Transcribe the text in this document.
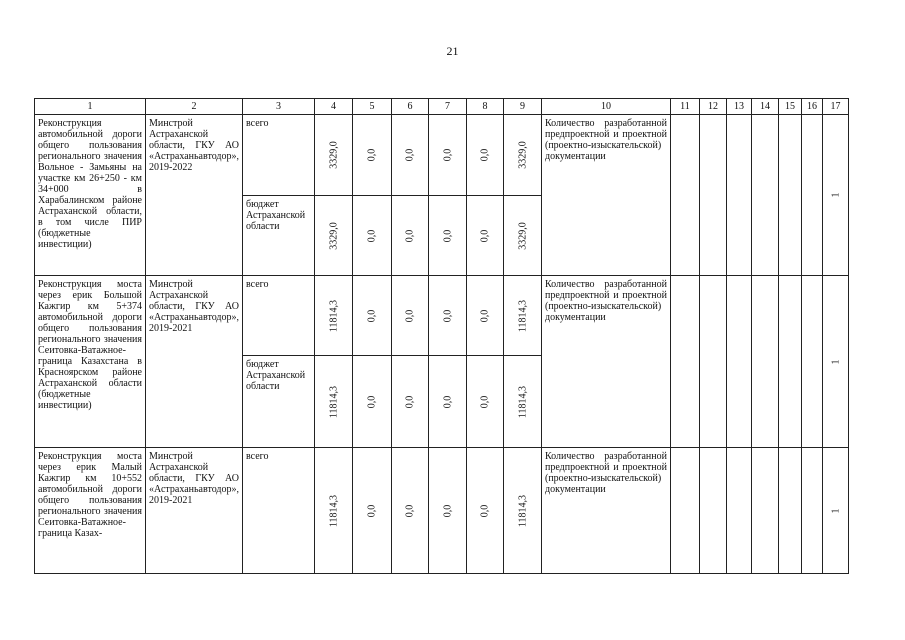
21
1	2	3	4	5	6	7	8	9	10	11	12	13	14	15	16	17

Реконструкция автомобильной дороги общего пользования регионального значения Вольное - Замьяны на участке км 26+250 - км 34+000 в Харабалинском районе Астраханской области, в том числе ПИР (бюджетные инвестиции)	Минстрой Астраханской области, ГКУ АО «Астраханьавтодор», 2019-2022	всего	3329,0	0,0	0,0	0,0	0,0	3329,0	Количество разработанной предпроектной и проектной (проектно-изыскательской) документации							1

		бюджет Астраханской области	3329,0	0,0	0,0	0,0	0,0	3329,0								

Реконструкция моста через ерик Большой Кажгир км 5+374 автомобильной дороги общего пользования регионального значения Сеитовка-Ватажное-граница Казахстана в Красноярском районе Астраханской области (бюджетные инвестиции)	Минстрой Астраханской области, ГКУ АО «Астраханьавтодор», 2019-2021	всего	11814,3	0,0	0,0	0,0	0,0	11814,3	Количество разработанной предпроектной и проектной (проектно-изыскательской) документации							1

		бюджет Астраханской области	11814,3	0,0	0,0	0,0	0,0	11814,3								

Реконструкция моста через ерик Малый Кажгир км 10+552 автомобильной дороги общего пользования регионального значения Сеитовка-Ватажное-граница Казах-	Минстрой Астраханской области, ГКУ АО «Астраханьавтодор», 2019-2021	всего	11814,3	0,0	0,0	0,0	0,0	11814,3	Количество разработанной предпроектной и проектной (проектно-изыскательской) документации							1
